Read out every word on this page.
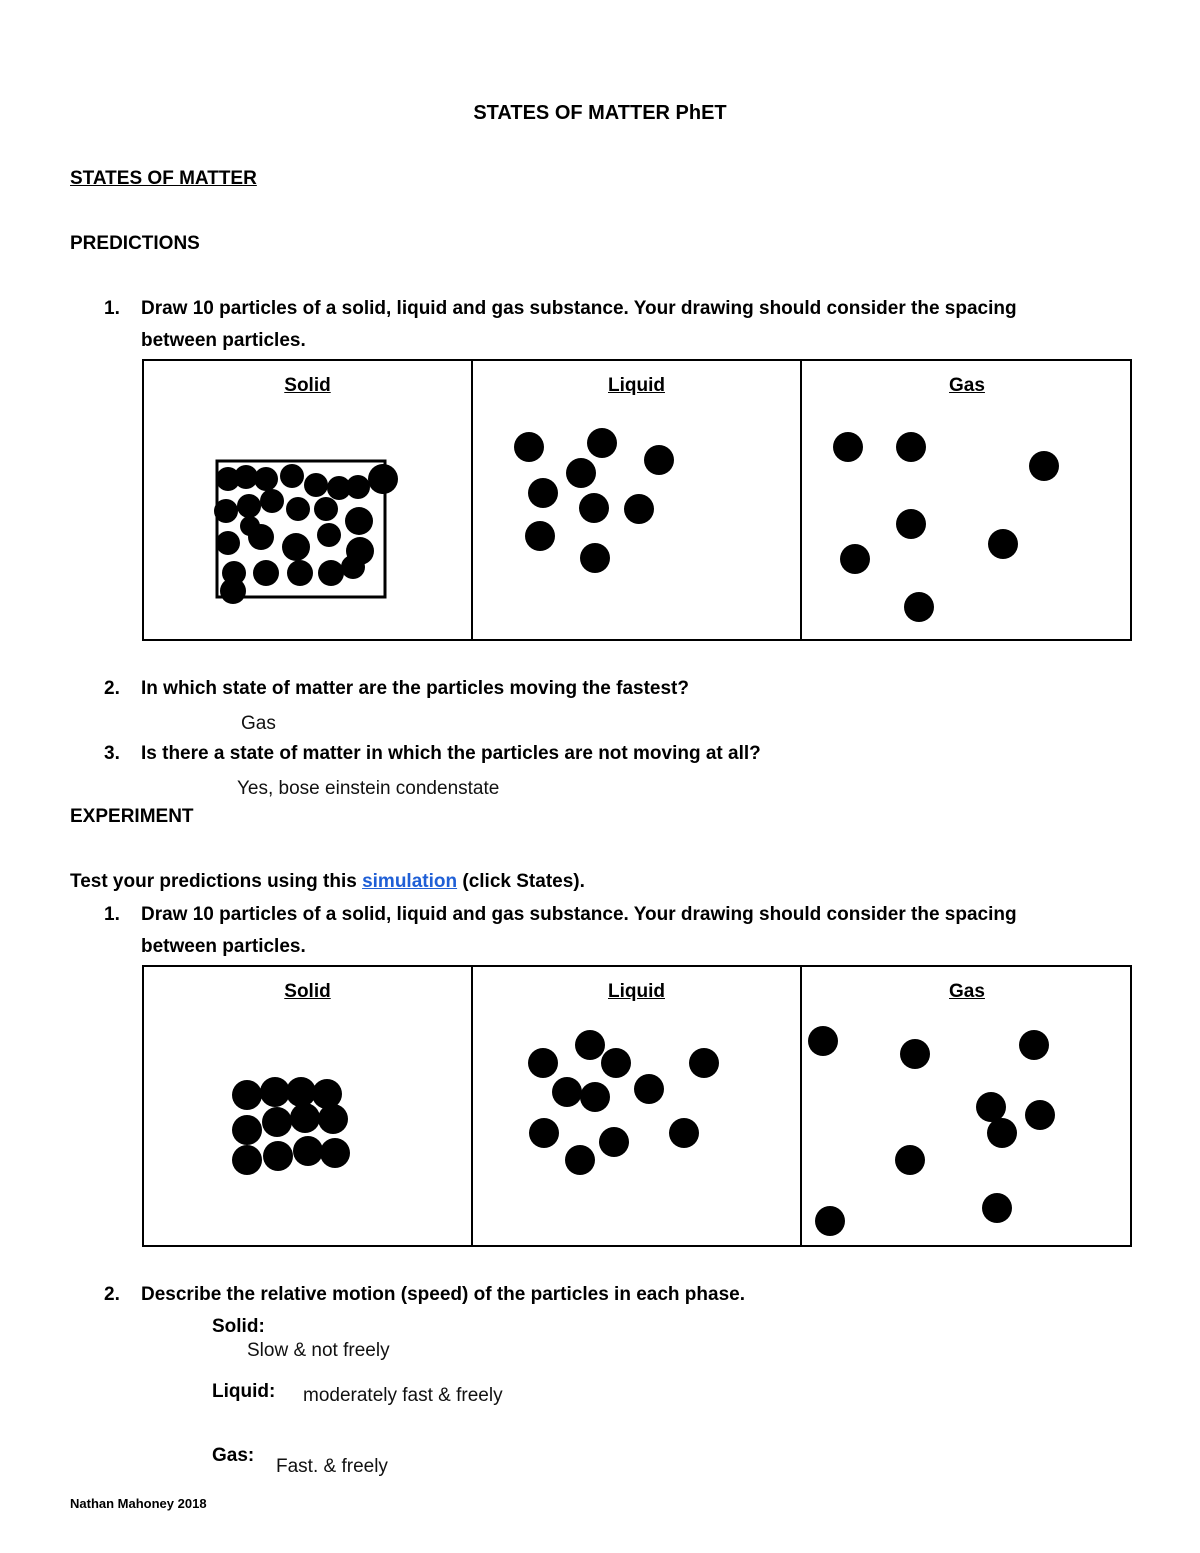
STATES OF MATTER PhET
STATES OF MATTER
PREDICTIONS
1. Draw 10 particles of a solid, liquid and gas substance. Your drawing should consider the spacing
between particles.
Solid	Liquid	Gas
2. In which state of matter are the particles moving the fastest?
Gas
3. Is there a state of matter in which the particles are not moving at all?
Yes, bose einstein condenstate
EXPERIMENT
Test your predictions using this simulation (click States).
1. Draw 10 particles of a solid, liquid and gas substance. Your drawing should consider the spacing
between particles.
Solid	Liquid	Gas
2. Describe the relative motion (speed) of the particles in each phase.
Solid:
Slow & not freely
Liquid: moderately fast & freely
Gas:
Fast. & freely
Nathan Mahoney 2018
